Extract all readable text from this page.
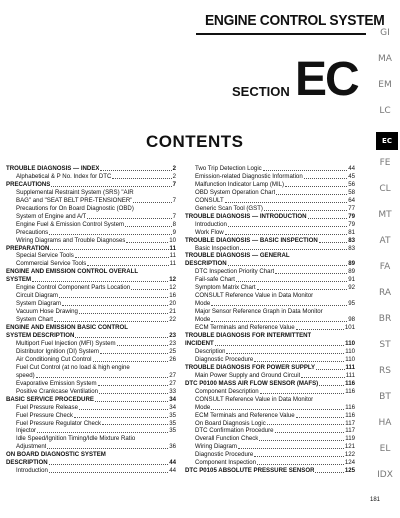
ENGINE CONTROL SYSTEM
SECTION EC
CONTENTS
GI
MA
EM
LC
EC
FE
CL
MT
AT
FA
RA
BR
ST
RS
BT
HA
EL
IDX
TROUBLE DIAGNOSIS — INDEX	2
Alphabetical & P No. Index for DTC	2
PRECAUTIONS	7
Supplemental Restraint System (SRS) "AIR
BAG" and "SEAT BELT PRE-TENSIONER"	7
Precautions for On Board Diagnostic (OBD)
System of Engine and A/T	7
Engine Fuel & Emission Control System	8
Precautions	9
Wiring Diagrams and Trouble Diagnoses	10
PREPARATION	11
Special Service Tools	11
Commercial Service Tools	11
ENGINE AND EMISSION CONTROL OVERALL
SYSTEM	12
Engine Control Component Parts Location	12
Circuit Diagram	16
System Diagram	20
Vacuum Hose Drawing	21
System Chart	22
ENGINE AND EMISSION BASIC CONTROL
SYSTEM DESCRIPTION	23
Multiport Fuel Injection (MFI) System	23
Distributor Ignition (DI) System	25
Air Conditioning Cut Control	26
Fuel Cut Control (at no load & high engine
speed)	27
Evaporative Emission System	27
Positive Crankcase Ventilation	33
BASIC SERVICE PROCEDURE	34
Fuel Pressure Release	34
Fuel Pressure Check	35
Fuel Pressure Regulator Check	35
Injector	35
Idle Speed/Ignition Timing/Idle Mixture Ratio
Adjustment	36
ON BOARD DIAGNOSTIC SYSTEM
DESCRIPTION	44
Introduction	44
Two Trip Detection Logic	44
Emission-related Diagnostic Information	45
Malfunction Indicator Lamp (MIL)	56
OBD System Operation Chart	58
CONSULT	64
Generic Scan Tool (GST)	77
TROUBLE DIAGNOSIS — INTRODUCTION	79
Introduction	79
Work Flow	81
TROUBLE DIAGNOSIS — BASIC INSPECTION	83
Basic Inspection	83
TROUBLE DIAGNOSIS — GENERAL
DESCRIPTION	89
DTC Inspection Priority Chart	89
Fail-safe Chart	91
Symptom Matrix Chart	92
CONSULT Reference Value in Data Monitor
Mode	95
Major Sensor Reference Graph in Data Monitor
Mode	98
ECM Terminals and Reference Value	101
TROUBLE DIAGNOSIS FOR INTERMITTENT
INCIDENT	110
Description	110
Diagnostic Procedure	110
TROUBLE DIAGNOSIS FOR POWER SUPPLY	111
Main Power Supply and Ground Circuit	111
DTC P0100 MASS AIR FLOW SENSOR (MAFS)	116
Component Description	116
CONSULT Reference Value in Data Monitor
Mode	116
ECM Terminals and Reference Value	116
On Board Diagnosis Logic	117
DTC Confirmation Procedure	117
Overall Function Check	119
Wiring Diagram	121
Diagnostic Procedure	122
Component Inspection	124
DTC P0105 ABSOLUTE PRESSURE SENSOR	125
181
